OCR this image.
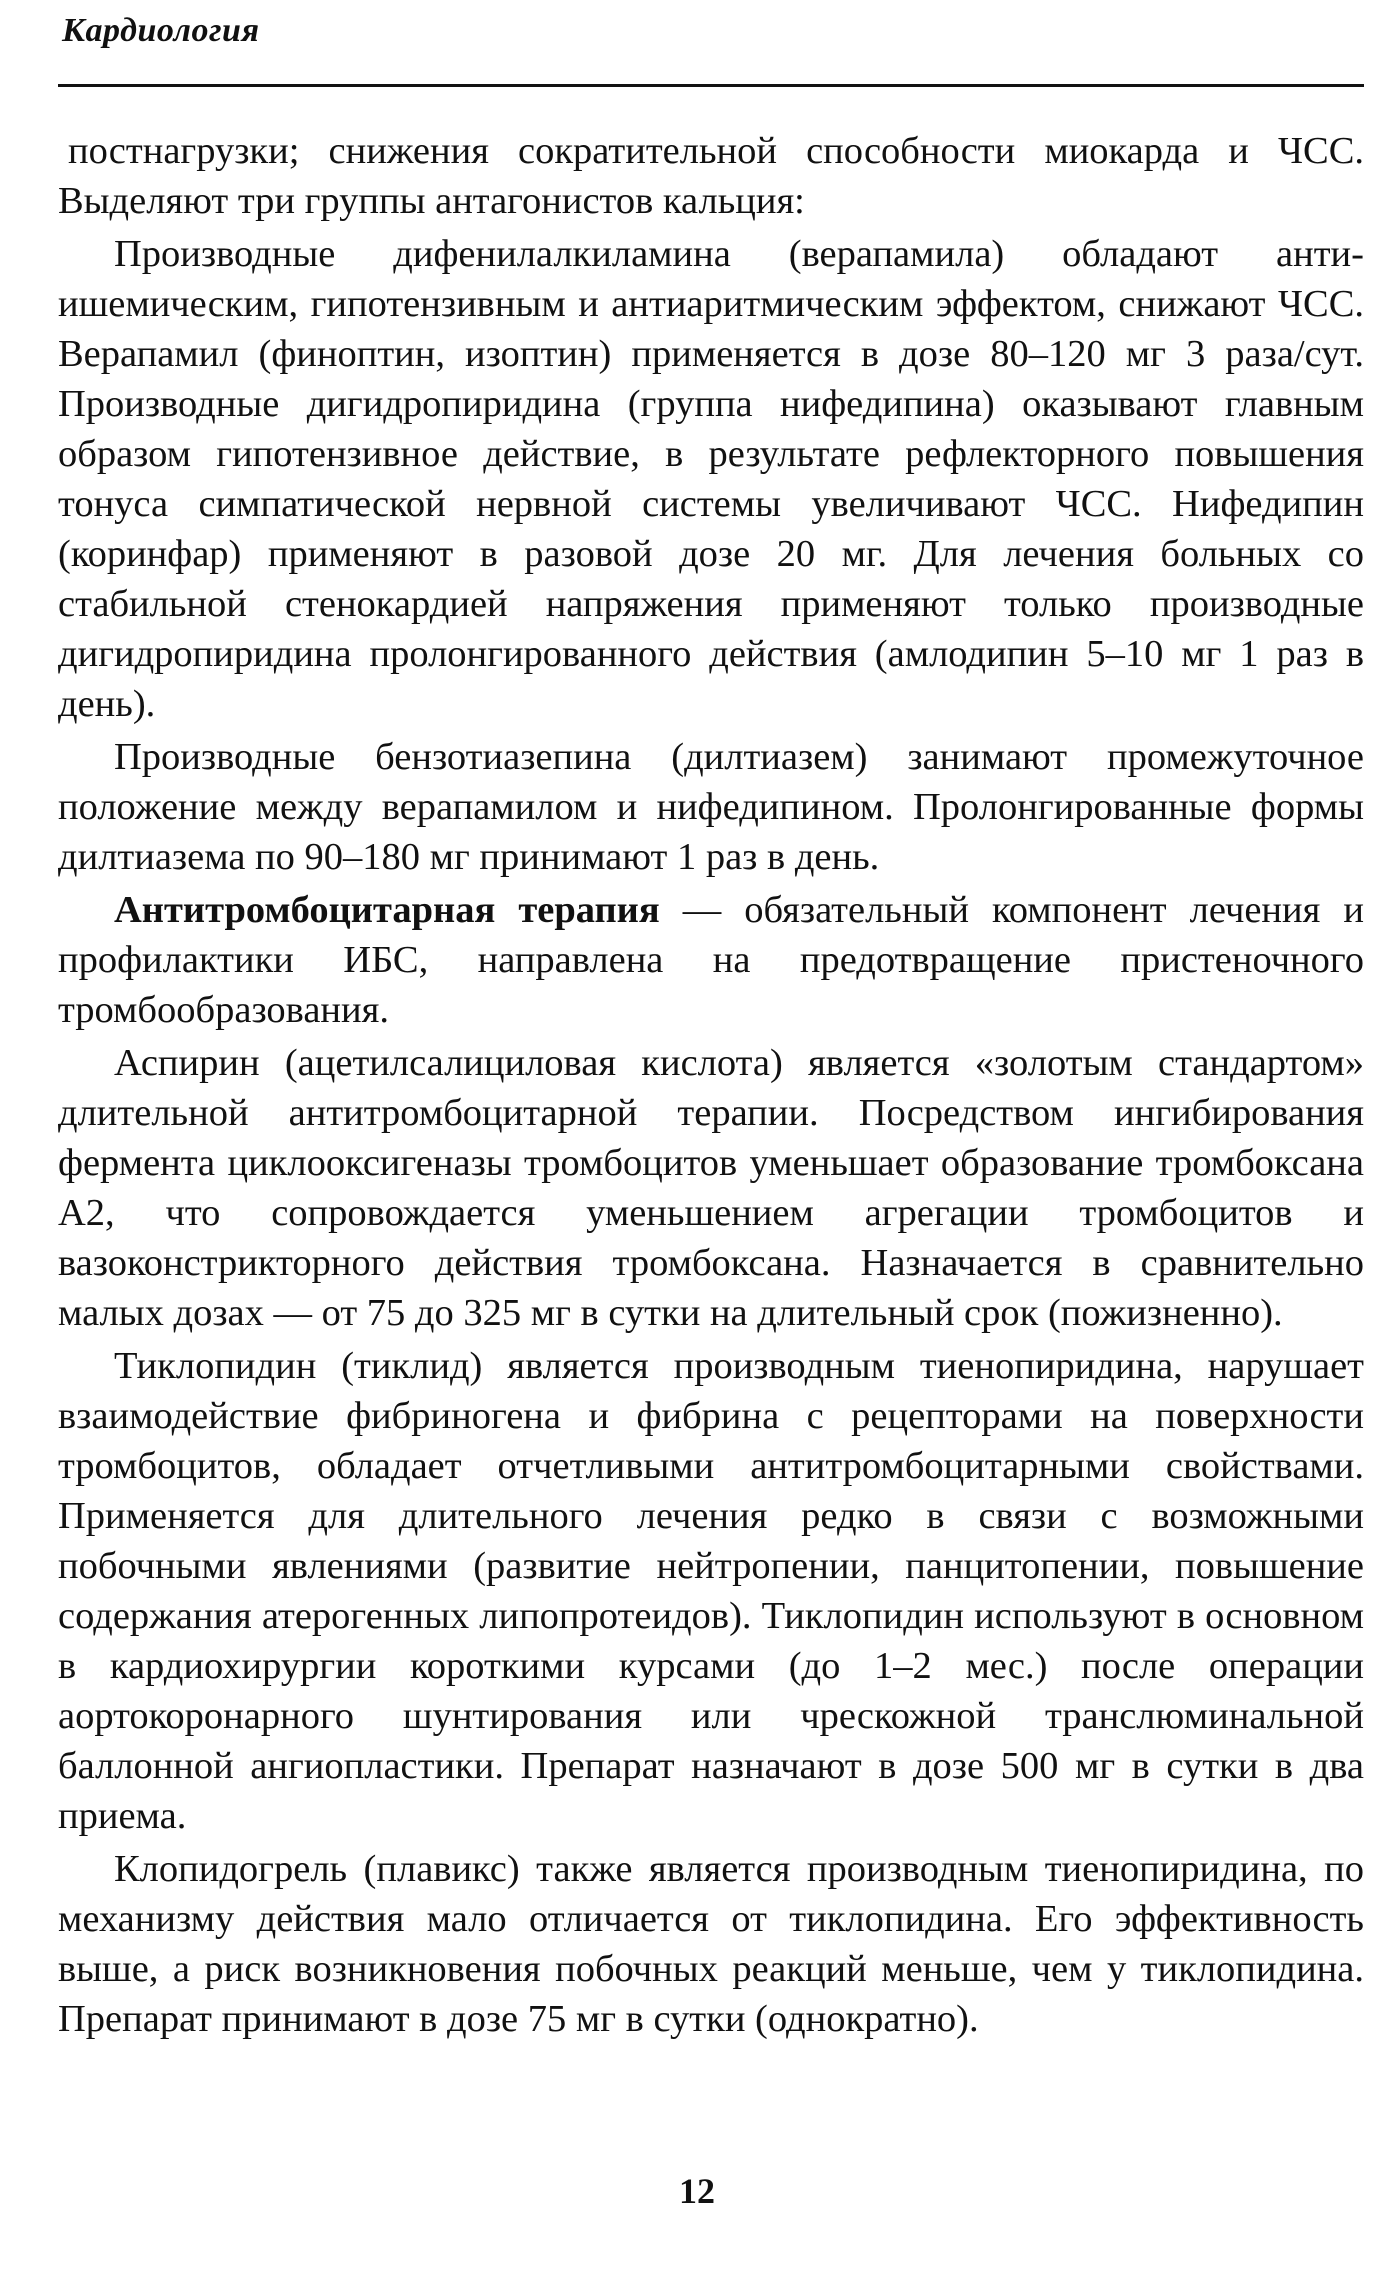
Кардиология

постнагрузки; снижения сократительной способности миокарда и ЧСС. Выделяют три группы антагонистов кальция:

Производные дифенилалкиламина (верапамила) обладают антиишемическим, гипотензивным и антиаритмическим эффектом, снижают ЧСС. Верапамил (финоптин, изоптин) применяется в дозе 80–120 мг 3 раза/сут. Производные дигидропиридина (группа нифедипина) оказывают главным образом гипотензивное действие, в результате рефлекторного повышения тонуса симпатической нервной системы увеличивают ЧСС. Нифедипин (коринфар) применяют в разовой дозе 20 мг. Для лечения больных со стабильной стенокардией напряжения применяют только производные дигидропиридина пролонгированного действия (амлодипин 5–10 мг 1 раз в день).

Производные бензотиазепина (дилтиазем) занимают промежуточное положение между верапамилом и нифедипином. Пролонгированные формы дилтиазема по 90–180 мг принимают 1 раз в день.

Антитромбоцитарная терапия — обязательный компонент лечения и профилактики ИБС, направлена на предотвращение пристеночного тромбообразования.

Аспирин (ацетилсалициловая кислота) является «золотым стандартом» длительной антитромбоцитарной терапии. Посредством ингибирования фермента циклооксигеназы тромбоцитов уменьшает образование тромбоксана А2, что сопровождается уменьшением агрегации тромбоцитов и вазоконстрикторного действия тромбоксана. Назначается в сравнительно малых дозах — от 75 до 325 мг в сутки на длительный срок (пожизненно).

Тиклопидин (тиклид) является производным тиенопиридина, нарушает взаимодействие фибриногена и фибрина с рецепторами на поверхности тромбоцитов, обладает отчетливыми антитромбоцитарными свойствами. Применяется для длительного лечения редко в связи с возможными побочными явлениями (развитие нейтропении, панцитопении, повышение содержания атерогенных липопротеидов). Тиклопидин используют в основном в кардиохирургии короткими курсами (до 1–2 мес.) после операции аортокоронарного шунтирования или чрескожной транслюминальной баллонной ангиопластики. Препарат назначают в дозе 500 мг в сутки в два приема.

Клопидогрель (плавикс) также является производным тиенопиридина, по механизму действия мало отличается от тиклопидина. Его эффективность выше, а риск возникновения побочных реакций меньше, чем у тиклопидина. Препарат принимают в дозе 75 мг в сутки (однократно).

12
